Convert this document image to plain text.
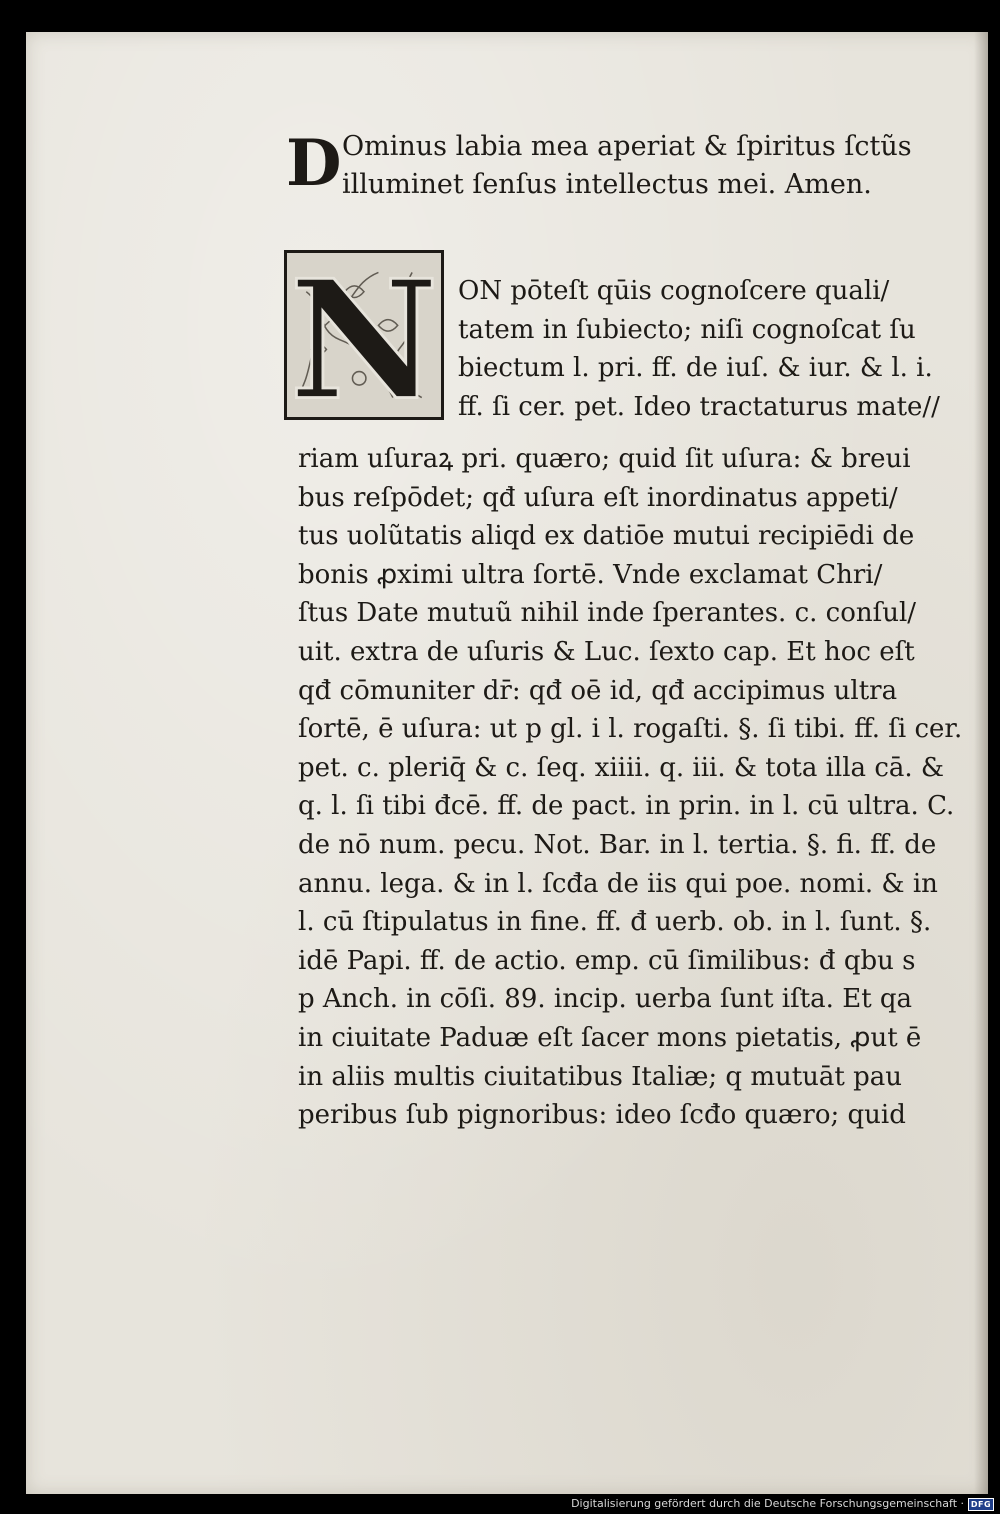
D Ominus labia mea aperiat & ſpiritus ſctũs
illuminet ſenſus intellectus mei. Amen.
N ON pōteſt qūis cognoſcere quali/
tatem in ſubiecto; niſi cognoſcat ſu
biectum l. pri. ff. de iuſ. & iur. & l. i.
ff. ſi cer. pet. Ideo tractaturus mate//
riam uſuraꝝ pri. quæro; quid ſit uſura: & breui
bus reſpōdet; qđ uſura eſt inordinatus appeti/
tus uolũtatis aliqd ex datiōe mutui recipiēdi de
bonis ꝓximi ultra ſortē. Vnde exclamat Chri/
ſtus Date mutuũ nihil inde ſperantes. c. conſul/
uit. extra de uſuris & Luc. ſexto cap. Et hoc eſt
qđ cōmuniter dr̄: qđ oē id, qđ accipimus ultra
ſortē, ē uſura: ut p gl. i l. rogaſti. §. ſi tibi. ff. ſi cer.
pet. c. pleriq̄ & c. ſeq. xiiii. q. iii. & tota illa cā. &
q. l. ſi tibi đcē. ff. de pact. in prin. in l. cū ultra. C.
de nō num. pecu. Not. Bar. in l. tertia. §. fi. ff. de
annu. lega. & in l. ſcđa de iis qui poe. nomi. & in
l. cū ſtipulatus in fine. ff. đ uerb. ob. in l. ſunt. §.
idē Papi. ff. de actio. emp. cū ſimilibus: đ qbu s
p Anch. in cōſi. 89. incip. uerba ſunt iſta. Et qa
in ciuitate Paduæ eſt ſacer mons pietatis, ꝓut ē
in aliis multis ciuitatibus Italiæ; q mutuāt pau
peribus ſub pignoribus: ideo ſcđo quæro; quid
Digitalisierung gefördert durch die Deutsche Forschungsgemeinschaft · DFG
